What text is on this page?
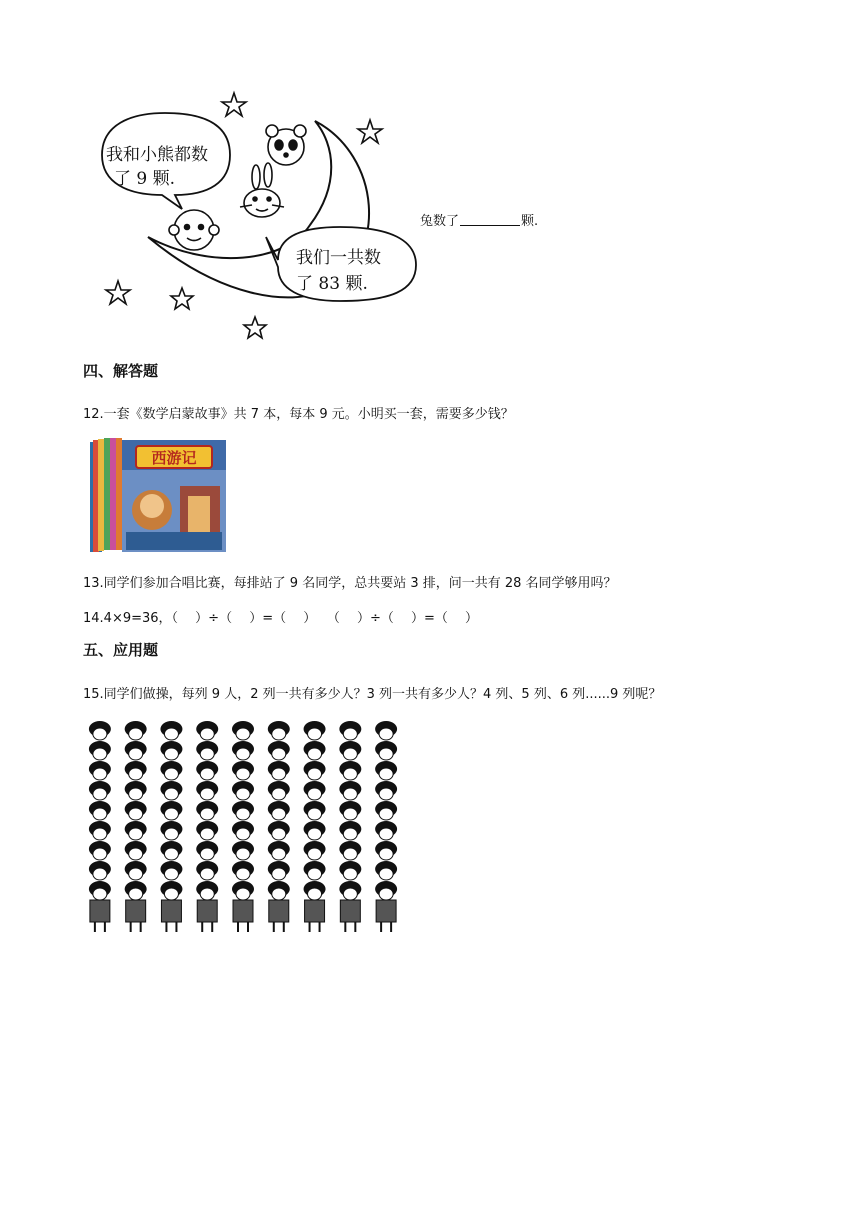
我和小熊都数
了 9 颗.
我们一共数
了 83 颗.
兔数了	颗.
四、解答题
12.一套《数学启蒙故事》共 7 本，每本 9 元。小明买一套，需要多少钱？
西游记
13.同学们参加合唱比赛，每排站了 9 名同学，总共要站 3 排，问一共有 28 名同学够用吗？
14.4×9=36，（　 ）÷（　 ）=（　 ）　 （　 ）÷（　 ）=（　 ）
五、应用题
15.同学们做操，每列 9 人，2 列一共有多少人？3 列一共有多少人？4 列、5 列、6 列......9 列呢？
